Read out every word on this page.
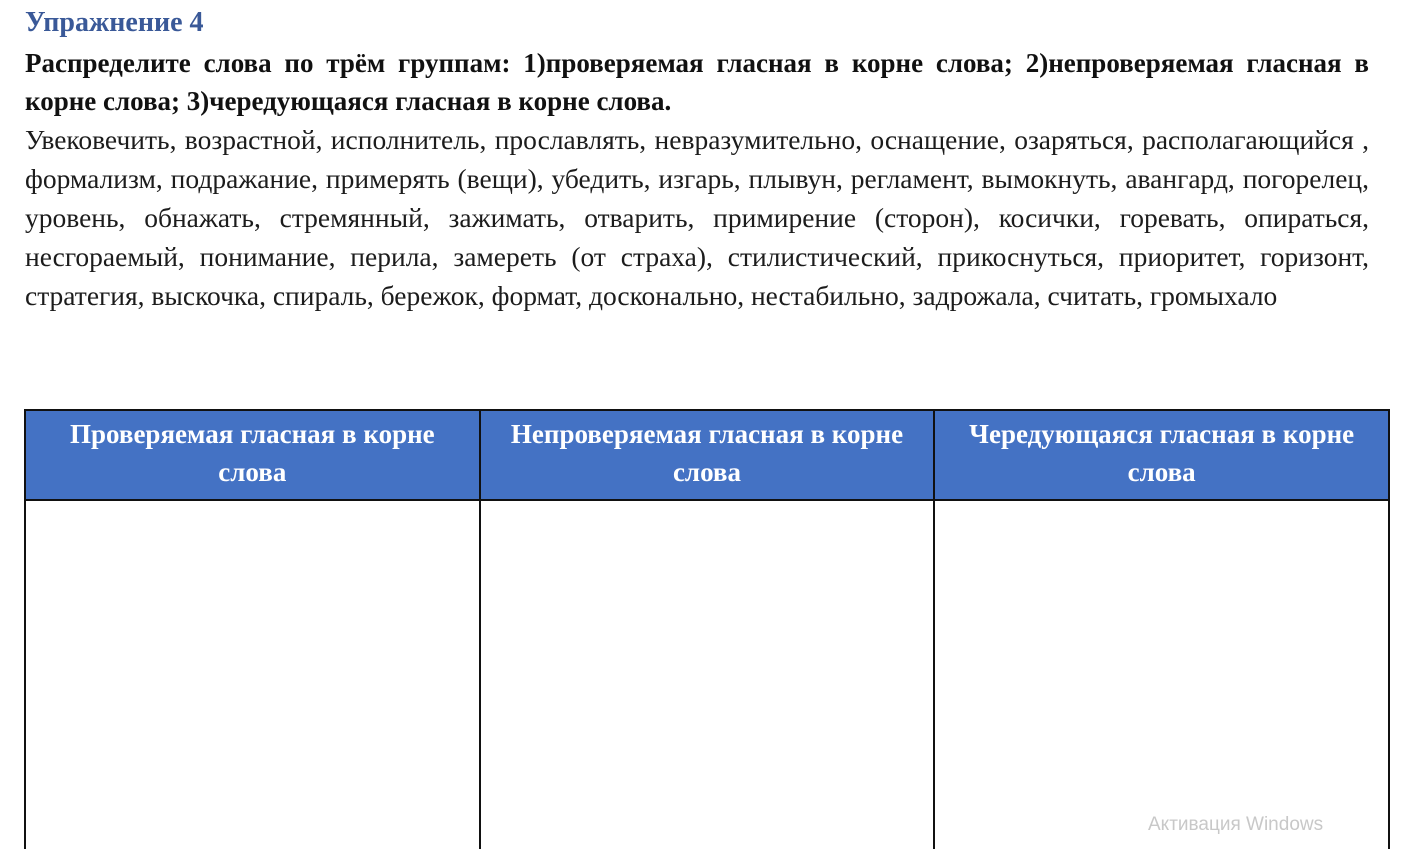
Упражнение 4
Распределите слова по трём группам: 1)проверяемая гласная в корне слова; 2)непроверяемая гласная в корне слова; 3)чередующаяся гласная в корне слова.
Увековечить, возрастной, исполнитель, прославлять, невразумительно, оснащение, озаряться, располагающийся , формализм, подражание, примерять (вещи), убедить, изгарь, плывун, регламент, вымокнуть, авангард, погорелец, уровень, обнажать, стремянный, зажимать, отварить, примирение (сторон), косички, горевать, опираться, несгораемый, понимание, перила, замереть (от страха), стилистический, прикоснуться, приоритет, горизонт, стратегия, выскочка, спираль, бережок, формат, досконально, нестабильно, задрожала, считать, громыхало
Проверяемая гласная в корне слова	Непроверяемая гласная в корне слова	Чередующаяся гласная в корне слова

Активация Windows
